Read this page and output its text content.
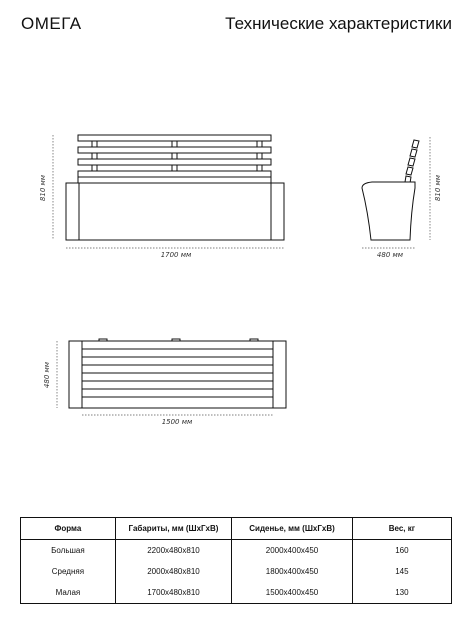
ОМЕГА	Технические характеристики
810 мм
1700 мм
810 мм
480 мм
480 мм
1500 мм
Форма	Габариты, мм (ШхГхВ)	Сиденье, мм (ШхГхВ)	Вес, кг
Большая	2200x480x810	2000x400x450	160
Средняя	2000x480x810	1800x400x450	145
Малая	1700x480x810	1500x400x450	130
